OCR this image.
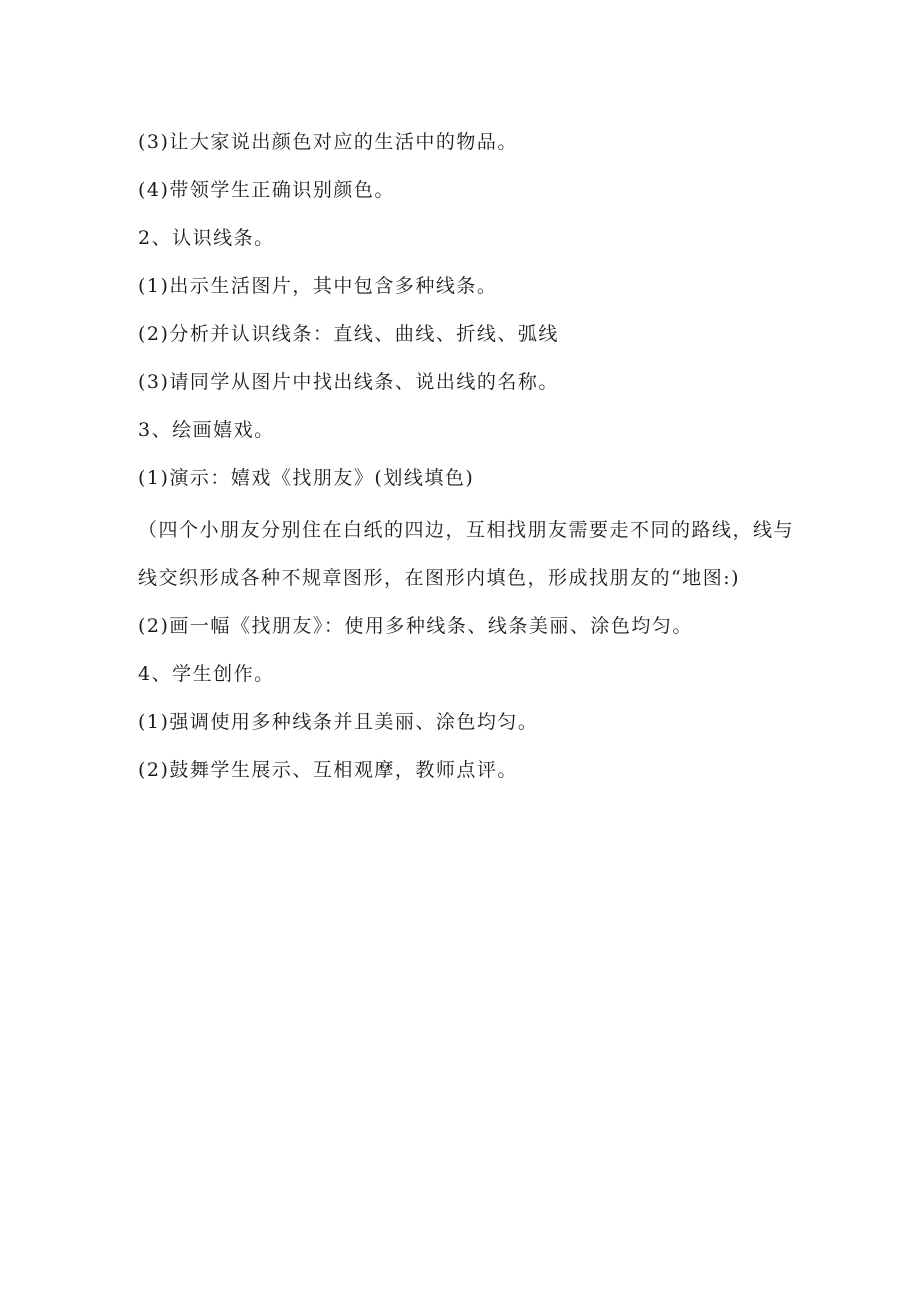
(3)让大家说出颜色对应的生活中的物品。
(4)带领学生正确识别颜色。
2、认识线条。
(1)出示生活图片，其中包含多种线条。
(2)分析并认识线条：直线、曲线、折线、弧线
(3)请同学从图片中找出线条、说出线的名称。
3、绘画嬉戏。
(1)演示：嬉戏《找朋友》(划线填色)
（四个小朋友分别住在白纸的四边，互相找朋友需要走不同的路线，线与
线交织形成各种不规章图形，在图形内填色，形成找朋友的“地图:)
(2)画一幅《找朋友》：使用多种线条、线条美丽、涂色均匀。
4、学生创作。
(1)强调使用多种线条并且美丽、涂色均匀。
(2)鼓舞学生展示、互相观摩，教师点评。
